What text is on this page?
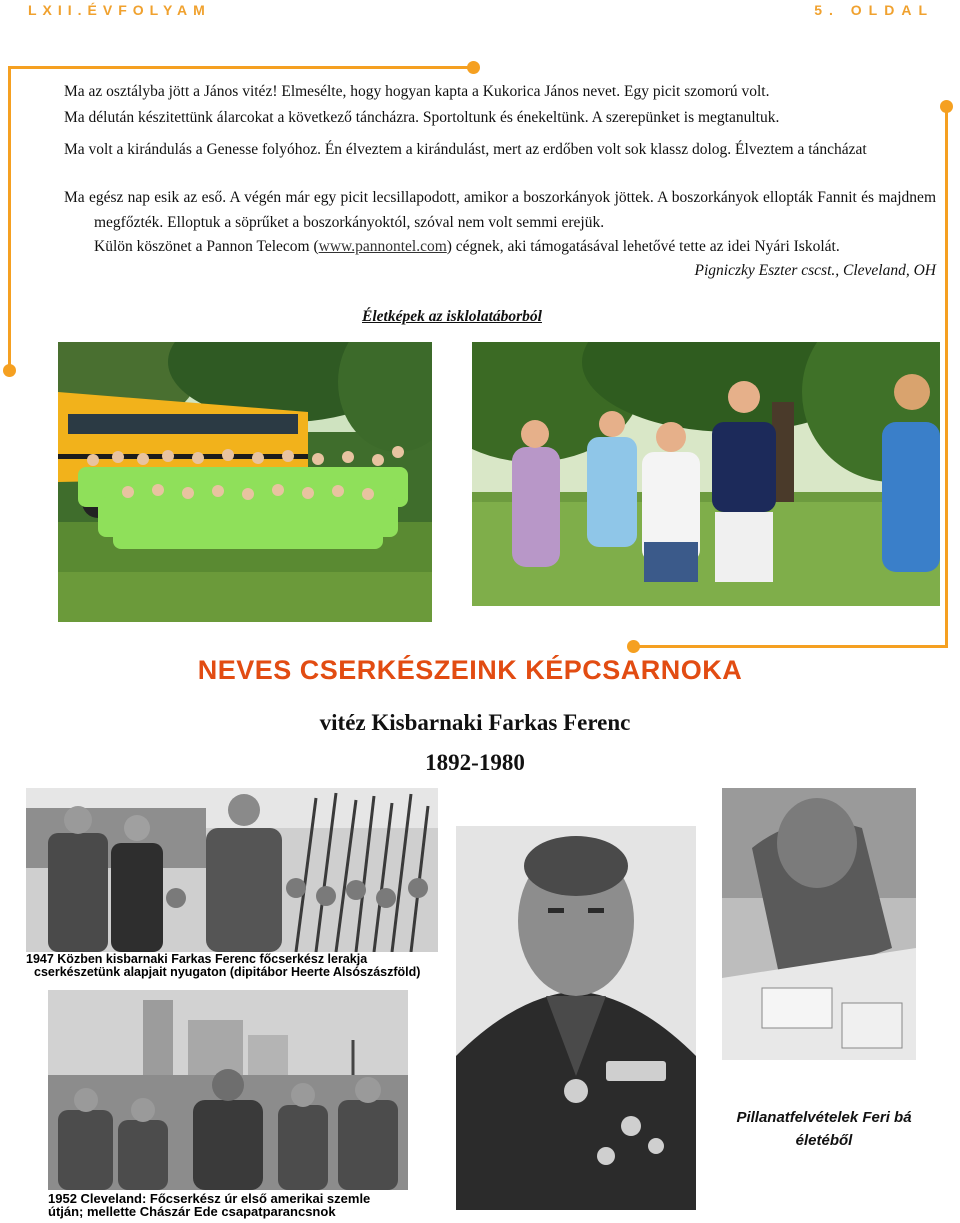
LXII.ÉVFOLYAM	5. OLDAL
Ma az osztályba jött a János vitéz! Elmesélte, hogy hogyan kapta a Kukorica János nevet. Egy picit szomorú volt.
Ma délután készitettünk álarcokat a következő táncházra. Sportoltunk és énekeltünk. A szerepünket is megtanultuk.
Ma volt a kirándulás a Genesse folyóhoz. Én élveztem a kirándulást, mert az erdőben volt sok klassz dolog. Élveztem a táncházat
Ma egész nap esik az eső. A végén már egy picit lecsillapodott, amikor a boszorkányok jöttek. A boszorkányok ellopták Fannit és majdnem megfőzték. Elloptuk a söprűket a boszorkányoktól, szóval nem volt semmi erejük.
Külön köszönet a Pannon Telecom (www.pannontel.com) cégnek, aki támogatásával lehetővé tette az idei Nyári Iskolát.
Pigniczky Eszter cscst., Cleveland, OH
Életképek az isklolatáborból
NEVES CSERKÉSZEINK KÉPCSARNOKA
vitéz Kisbarnaki Farkas Ferenc
1892-1980
1947 Közben kisbarnaki Farkas Ferenc főcserkész lerakja
cserkészetünk alapjait nyugaton (dipitábor Heerte Alsószászföld)
1952 Cleveland: Főcserkész úr első amerikai szemle
útján; mellette Chászár Ede csapatparancsnok
Pillanatfelvételek Feri bá
életéből
